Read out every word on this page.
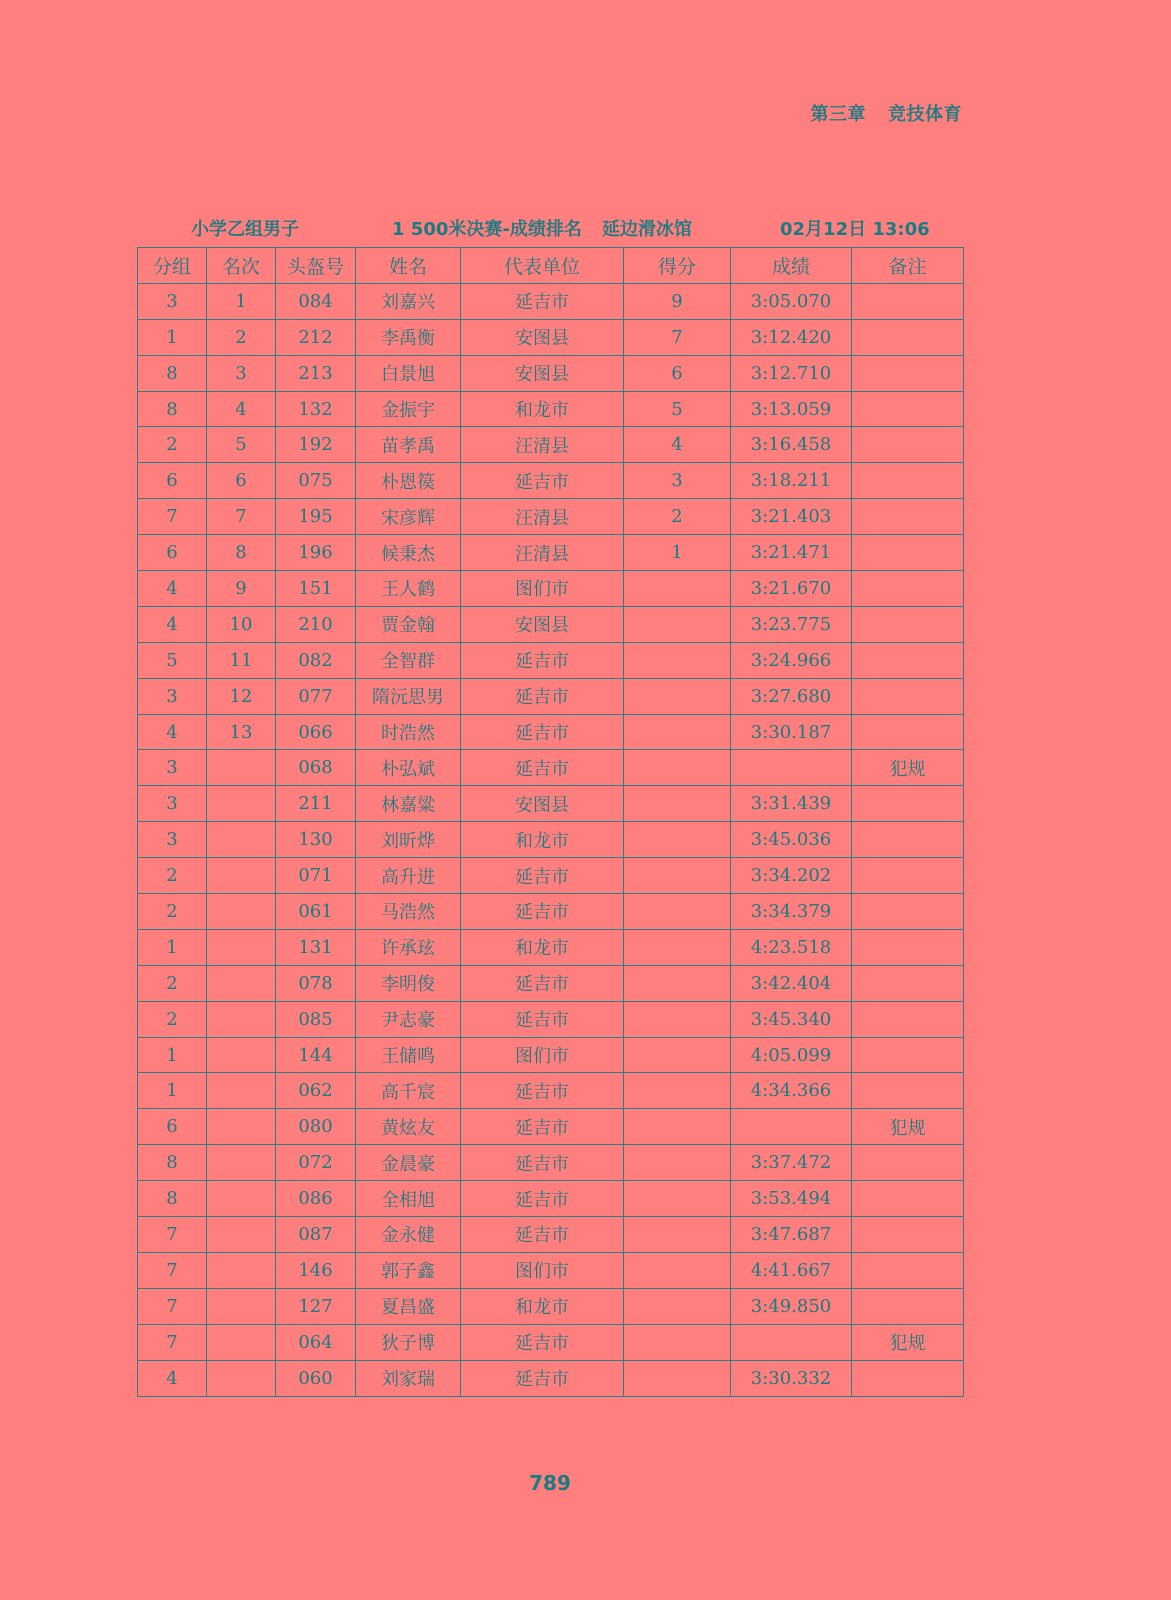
第三章 竞技体育
小学乙组男子	1 500米决赛-成绩排名 延边滑冰馆	02月12日 13:06
分组	名次	头盔号	姓名	代表单位	得分	成绩	备注
3	1	084	刘嘉兴	延吉市	9	3:05.070	
1	2	212	李禹衡	安图县	7	3:12.420	
8	3	213	白景旭	安图县	6	3:12.710	
8	4	132	金振宇	和龙市	5	3:13.059	
2	5	192	苗孝禹	汪清县	4	3:16.458	
6	6	075	朴恩篌	延吉市	3	3:18.211	
7	7	195	宋彦辉	汪清县	2	3:21.403	
6	8	196	候秉杰	汪清县	1	3:21.471	
4	9	151	王人鹤	图们市		3:21.670	
4	10	210	贾金翰	安图县		3:23.775	
5	11	082	全智群	延吉市		3:24.966	
3	12	077	隋沅思男	延吉市		3:27.680	
4	13	066	时浩然	延吉市		3:30.187	
3		068	朴弘斌	延吉市			犯规
3		211	林嘉粱	安图县		3:31.439	
3		130	刘昕烨	和龙市		3:45.036	
2		071	高升进	延吉市		3:34.202	
2		061	马浩然	延吉市		3:34.379	
1		131	许承玹	和龙市		4:23.518	
2		078	李明俊	延吉市		3:42.404	
2		085	尹志豪	延吉市		3:45.340	
1		144	王储鸣	图们市		4:05.099	
1		062	高千宸	延吉市		4:34.366	
6		080	黄炫友	延吉市			犯规
8		072	金晨豪	延吉市		3:37.472	
8		086	全相旭	延吉市		3:53.494	
7		087	金永健	延吉市		3:47.687	
7		146	郭子鑫	图们市		4:41.667	
7		127	夏昌盛	和龙市		3:49.850	
7		064	狄子博	延吉市			犯规
4		060	刘家瑞	延吉市		3:30.332	
789
